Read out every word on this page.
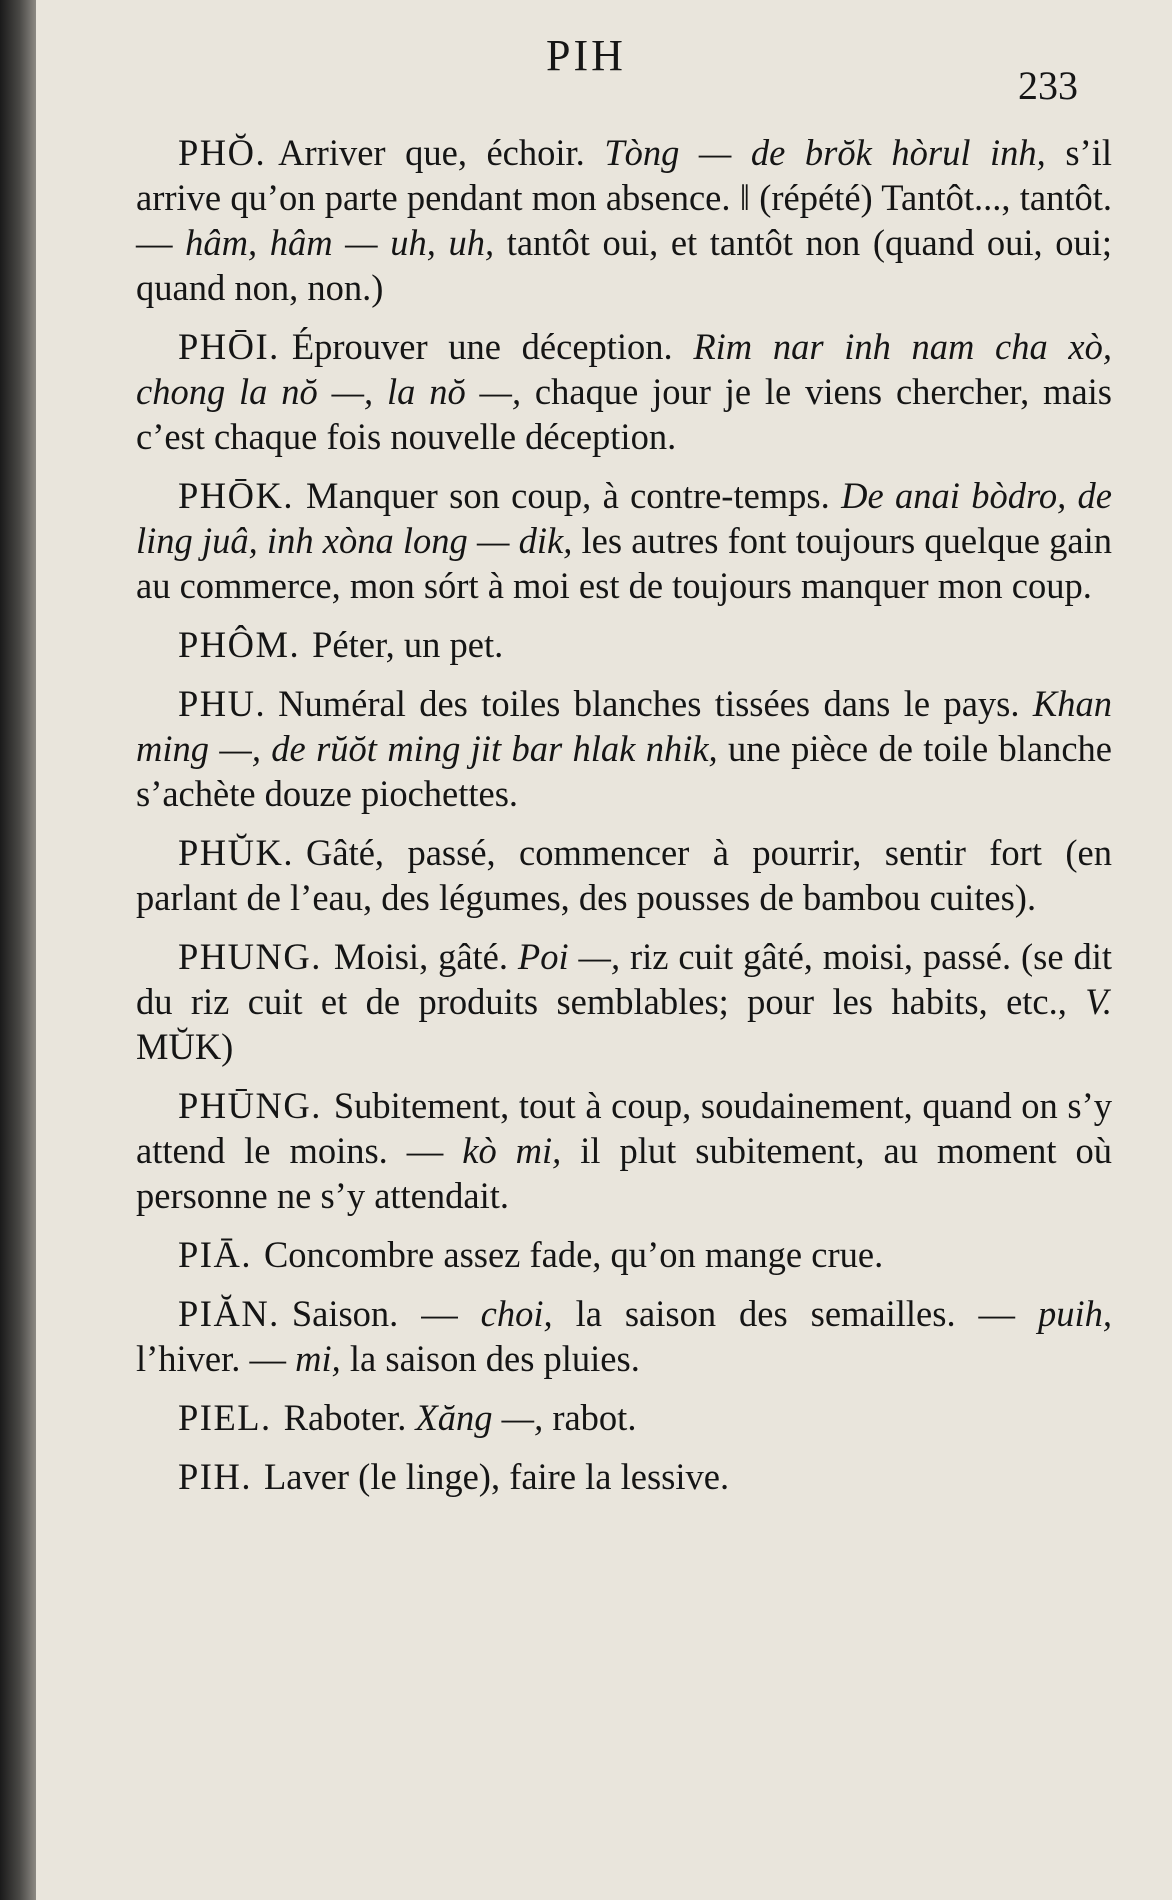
PIH
233

PHŎ. Arriver que, échoir. Tòng — de brŏk hòrul inh, s’il arrive qu’on parte pendant mon absence. ‖ (répété) Tantôt..., tantôt. — hâm, hâm — uh, uh, tantôt oui, et tantôt non (quand oui, oui; quand non, non.)

PHŌI. Éprouver une déception. Rim nar inh nam cha xò, chong la nŏ —, la nŏ —, chaque jour je le viens chercher, mais c’est chaque fois nouvelle déception.

PHŌK. Manquer son coup, à contre-temps. De anai bòdro, de ling juâ, inh xòna long — dik, les autres font toujours quelque gain au commerce, mon sórt à moi est de toujours manquer mon coup.

PHÔM. Péter, un pet.

PHU. Numéral des toiles blanches tissées dans le pays. Khan ming —, de rŭŏt ming jit bar hlak nhik, une pièce de toile blanche s’achète douze piochettes.

PHŬK. Gâté, passé, commencer à pourrir, sentir fort (en parlant de l’eau, des légumes, des pousses de bambou cuites).

PHUNG. Moisi, gâté. Poi —, riz cuit gâté, moisi, passé. (se dit du riz cuit et de produits semblables; pour les habits, etc., V. MŬK)

PHŪNG. Subitement, tout à coup, soudainement, quand on s’y attend le moins. — kò mi, il plut subitement, au moment où personne ne s’y attendait.

PIĀ. Concombre assez fade, qu’on mange crue.

PIĂN. Saison. — choi, la saison des semailles. — puih, l’hiver. — mi, la saison des pluies.

PIEL. Raboter. Xăng —, rabot.

PIH. Laver (le linge), faire la lessive.
